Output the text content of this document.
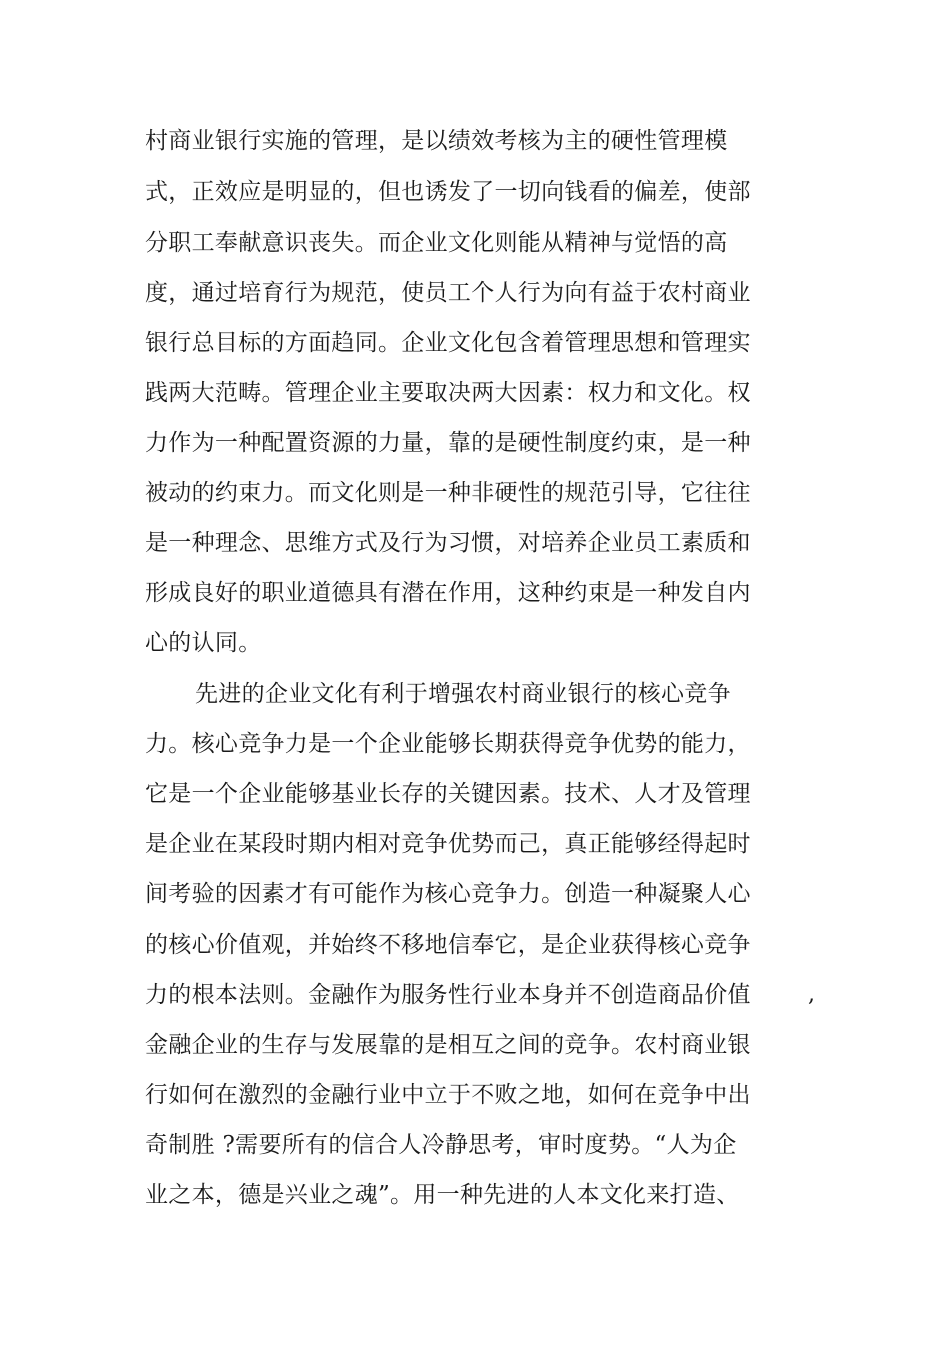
村商业银行实施的管理，是以绩效考核为主的硬性管理模
式，正效应是明显的，但也诱发了一切向钱看的偏差，使部
分职工奉献意识丧失。而企业文化则能从精神与觉悟的高
度，通过培育行为规范，使员工个人行为向有益于农村商业
银行总目标的方面趋同。企业文化包含着管理思想和管理实
践两大范畴。管理企业主要取决两大因素：权力和文化。权
力作为一种配置资源的力量，靠的是硬性制度约束，是一种
被动的约束力。而文化则是一种非硬性的规范引导，它往往
是一种理念、思维方式及行为习惯，对培养企业员工素质和
形成良好的职业道德具有潜在作用，这种约束是一种发自内
心的认同。
先进的企业文化有利于增强农村商业银行的核心竞争
力。核心竞争力是一个企业能够长期获得竞争优势的能力，
它是一个企业能够基业长存的关键因素。技术、人才及管理
是企业在某段时期内相对竞争优势而己，真正能够经得起时
间考验的因素才有可能作为核心竞争力。创造一种凝聚人心
的核心价值观，并始终不移地信奉它，是企业获得核心竞争
力的根本法则。金融作为服务性行业本身并不创造商品价值
金融企业的生存与发展靠的是相互之间的竞争。农村商业银
行如何在激烈的金融行业中立于不败之地，如何在竞争中出
奇制胜 ?需要所有的信合人冷静思考，审时度势。“人为企
业之本，德是兴业之魂”。用一种先进的人本文化来打造、
,
